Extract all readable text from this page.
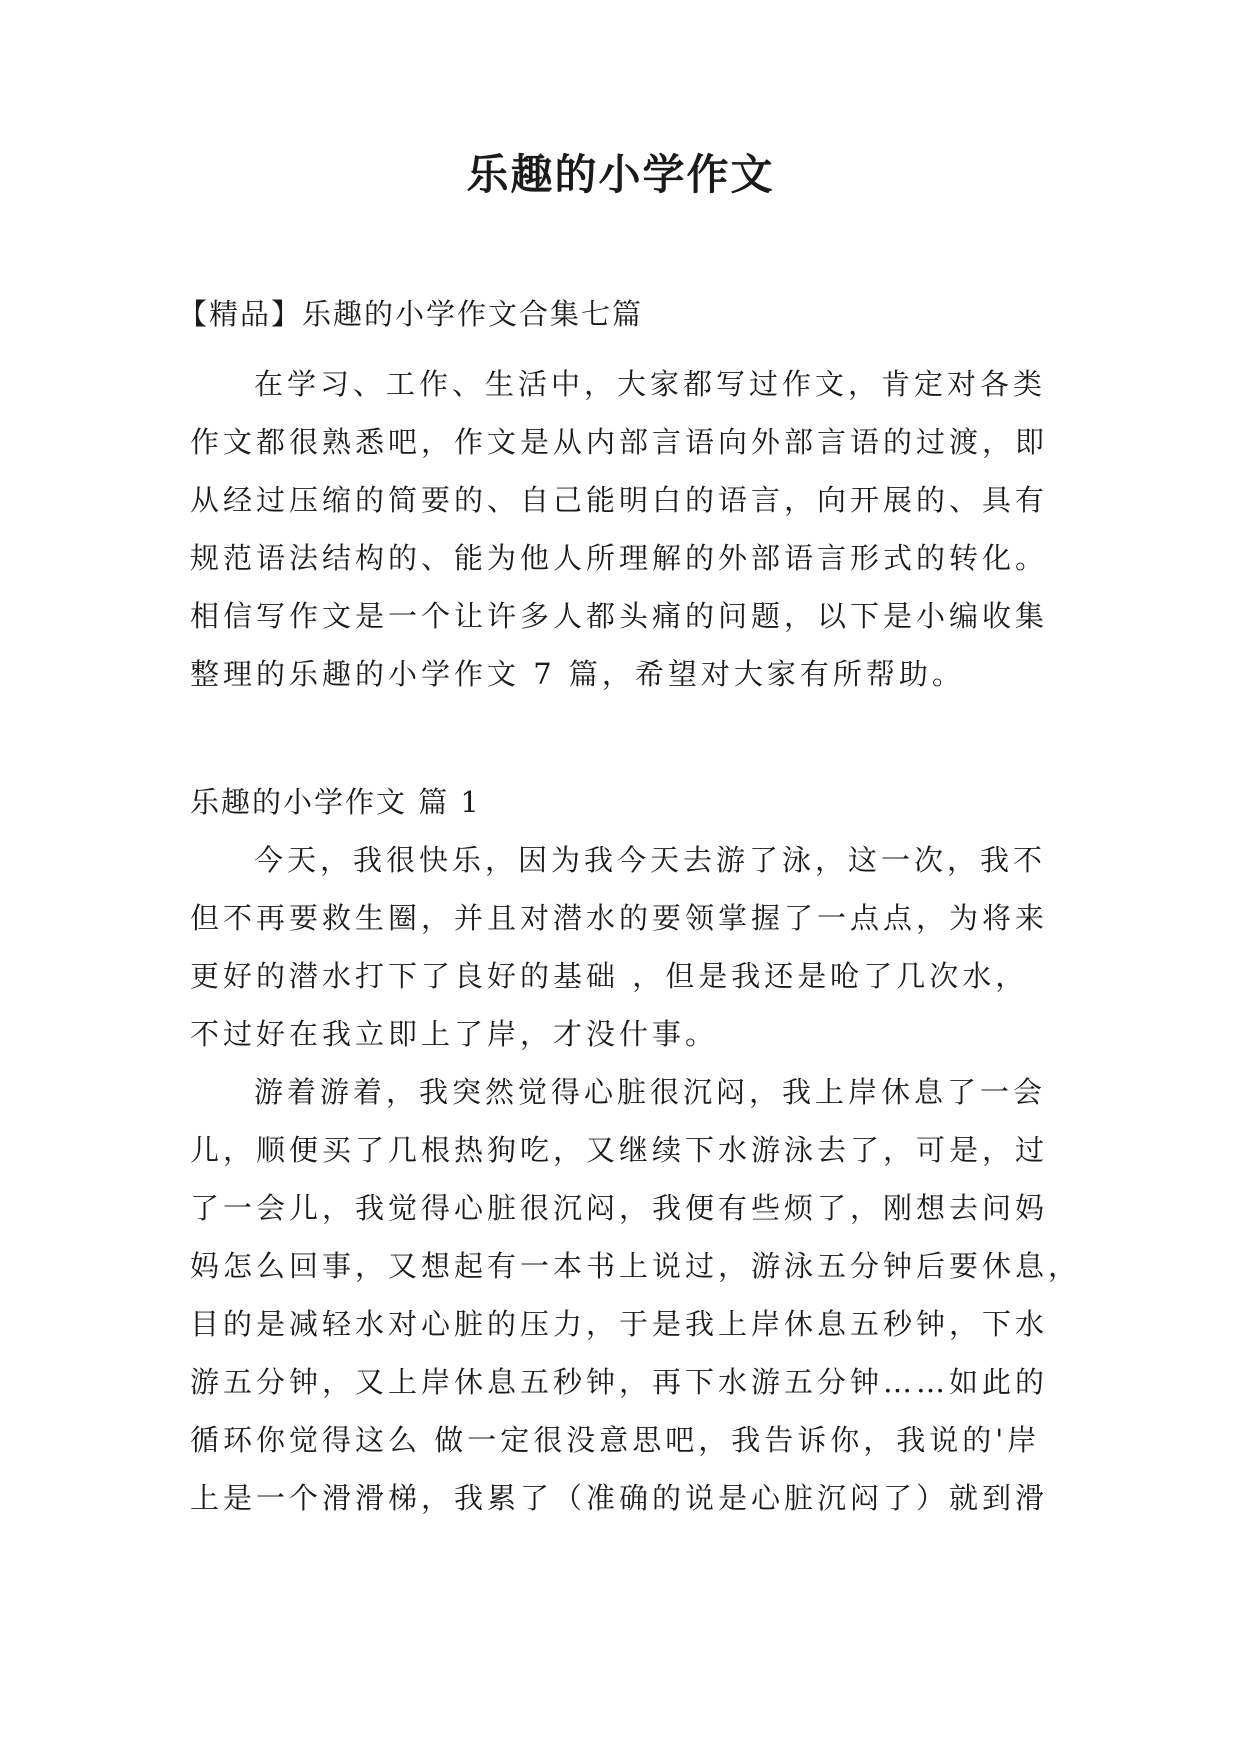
乐趣的小学作文

【精品】乐趣的小学作文合集七篇

在学习、工作、生活中，大家都写过作文，肯定对各类
作文都很熟悉吧，作文是从内部言语向外部言语的过渡，即
从经过压缩的简要的、自己能明白的语言，向开展的、具有
规范语法结构的、能为他人所理解的外部语言形式的转化。
相信写作文是一个让许多人都头痛的问题，以下是小编收集
整理的乐趣的小学作文 7 篇，希望对大家有所帮助。

乐趣的小学作文 篇 1

今天，我很快乐，因为我今天去游了泳，这一次，我不
但不再要救生圈，并且对潜水的要领掌握了一点点，为将来
更好的潜水打下了良好的基础 ，但是我还是呛了几次水，
不过好在我立即上了岸，才没什事。
游着游着，我突然觉得心脏很沉闷，我上岸休息了一会
儿，顺便买了几根热狗吃，又继续下水游泳去了，可是，过
了一会儿，我觉得心脏很沉闷，我便有些烦了，刚想去问妈
妈怎么回事，又想起有一本书上说过，游泳五分钟后要休息，
目的是减轻水对心脏的压力，于是我上岸休息五秒钟，下水
游五分钟，又上岸休息五秒钟，再下水游五分钟……如此的
循环你觉得这么 做一定很没意思吧，我告诉你，我说的'岸
上是一个滑滑梯，我累了（准确的说是心脏沉闷了）就到滑
